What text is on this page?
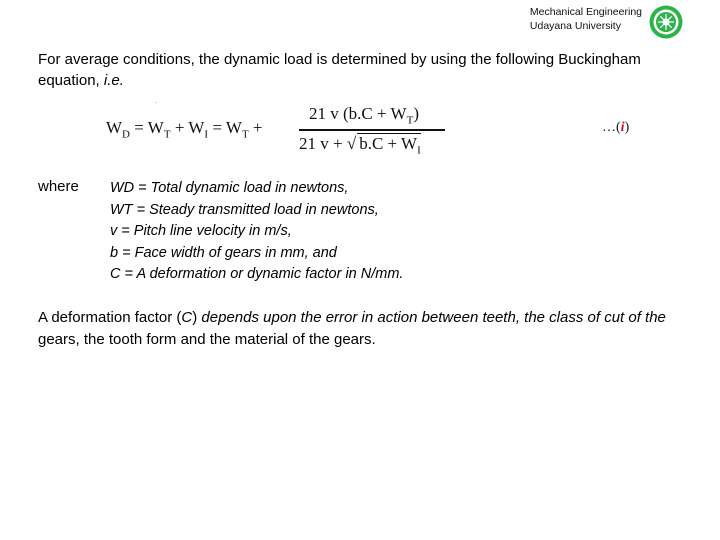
Mechanical Engineering
Udayana University
For average conditions, the dynamic load is determined by using the following Buckingham equation, i.e.
.
$W_D = W_T + W_I = W_T$ +
21 v $(b.C + W_T)$
21 v + √ $b.C + W_I$
…(i)
where WD = Total dynamic load in newtons,
WT = Steady transmitted load in newtons,
v = Pitch line velocity in m/s,
b = Face width of gears in mm, and
C = A deformation or dynamic factor in N/mm.
A deformation factor (C) depends upon the error in action between teeth, the class of cut of the gears, the tooth form and the material of the gears.
